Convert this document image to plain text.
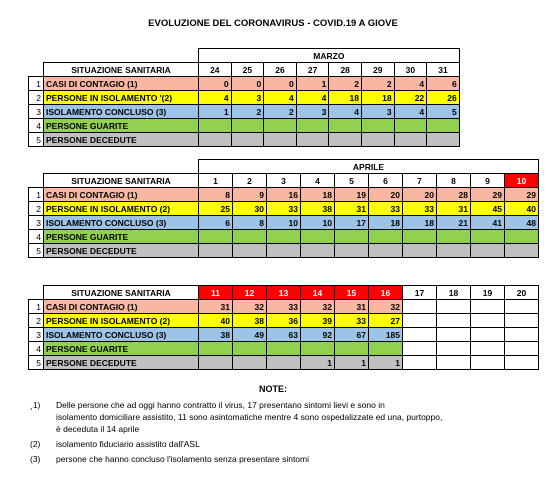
EVOLUZIONE DEL CORONAVIRUS - COVID.19 A GIOVE
		MARZO							
	SITUAZIONE SANITARIA	24	25	26	27	28	29	30	31
1	CASI DI CONTAGIO (1)	0	0	0	1	2	2	4	6
2	PERSONE IN ISOLAMENTO '(2)	4	3	4	4	18	18	22	26
3	ISOLAMENTO CONCLUSO (3)	1	2	2	3	4	3	4	5
4	PERSONE GUARITE								
5	PERSONE DECEDUTE								
		APRILE									
	SITUAZIONE SANITARIA	1	2	3	4	5	6	7	8	9	10
1	CASI DI CONTAGIO (1)	8	9	16	18	19	20	20	28	29	29
2	PERSONE IN ISOLAMENTO (2)	25	30	33	38	31	33	33	31	45	40
3	ISOLAMENTO CONCLUSO (3)	6	8	10	10	17	18	18	21	41	48
4	PERSONE GUARITE										
5	PERSONE DECEDUTE										
	SITUAZIONE SANITARIA	11	12	13	14	15	16	17	18	19	20
1	CASI DI CONTAGIO (1)	31	32	33	32	31	32				
2	PERSONE IN ISOLAMENTO (2)	40	38	36	39	33	27				
3	ISOLAMENTO CONCLUSO (3)	38	49	63	92	67	185				
4	PERSONE GUARITE										
5	PERSONE DECEDUTE				1	1	1				
NOTE:
¸1) Delle persone che ad oggi hanno contratto il virus, 17 presentano sintomi lievi e sono in
isolamento domiciliare assistito, 11 sono asintomatiche mentre 4 sono ospedalizzate ed una, purtoppo,
è deceduta il 14 aprile
(2) isolamento fiduciario assistito dall'ASL
(3) persone che hanno concluso l'isolamento senza presentare sintomi
